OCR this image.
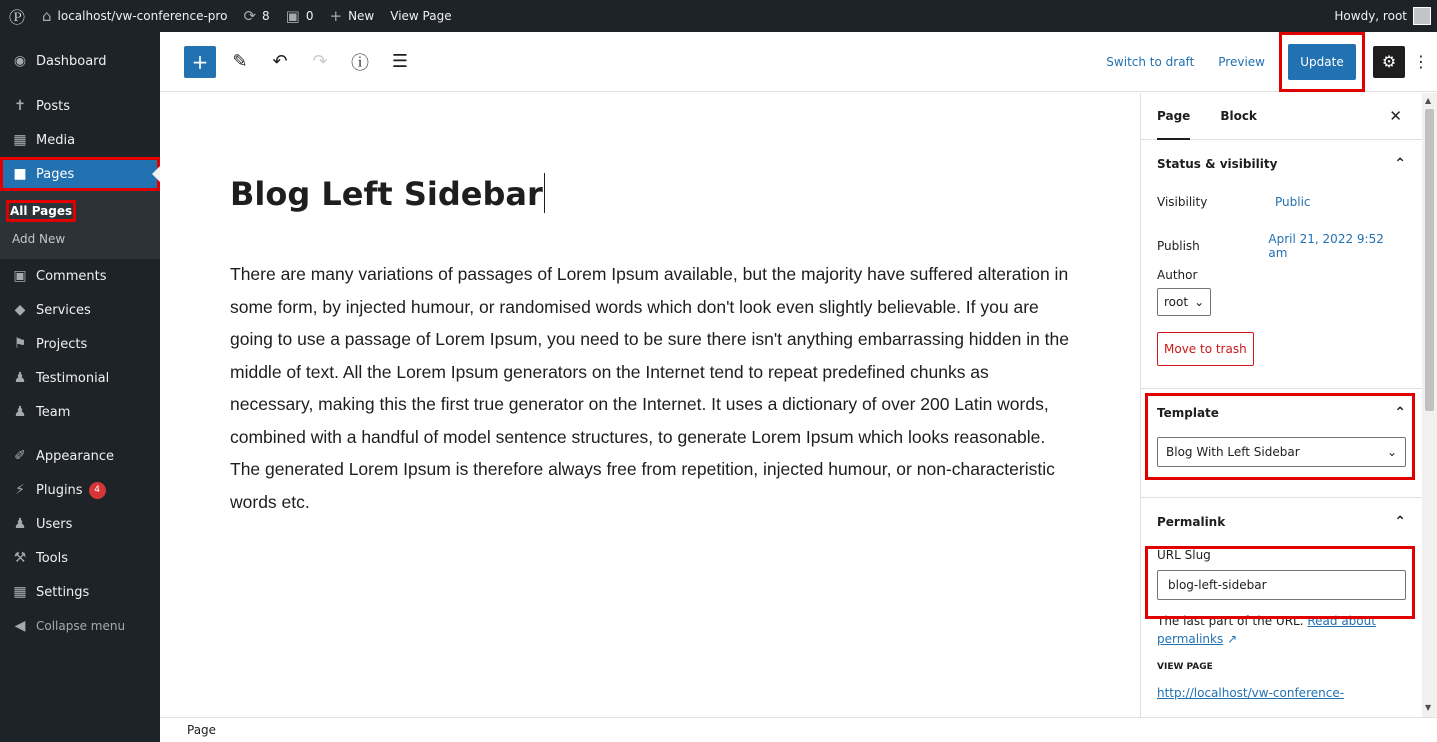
Ⓟ	⌂ localhost/vw-conference-pro ⟳ 8 ▣ 0 + New View Page	Howdy, root
◉ Dashboard
✝ Posts
▦ Media
■ Pages
All Pages
Add New
▣ Comments
◆ Services
⚑ Projects
♟ Testimonial
♟ Team
✐ Appearance
⚡ Plugins	4
♟ Users
⚒ Tools
▦ Settings
◀ Collapse menu
+ ✎ ↶ ↷ ⓘ ☰	Switch to draft	Preview	Update	⚙	⋮
Blog Left Sidebar

There are many variations of passages of Lorem Ipsum available, but the majority have suffered alteration in some form, by injected humour, or randomised words which don't look even slightly believable. If you are going to use a passage of Lorem Ipsum, you need to be sure there isn't anything embarrassing hidden in the middle of text. All the Lorem Ipsum generators on the Internet tend to repeat predefined chunks as necessary, making this the first true generator on the Internet. It uses a dictionary of over 200 Latin words, combined with a handful of model sentence structures, to generate Lorem Ipsum which looks reasonable. The generated Lorem Ipsum is therefore always free from repetition, injected humour, or non-characteristic words etc.

Page	Block	✕
Status & visibility	⌃
Visibility	Public
Publish	April 21, 2022 9:52 am
Author
root ⌄
Move to trash
Template	⌃
Blog With Left Sidebar	⌄
Permalink	⌃
URL Slug
blog-left-sidebar
The last part of the URL. Read about permalinks ↗
VIEW PAGE
http://localhost/vw-conference-
▲
▼
Page
